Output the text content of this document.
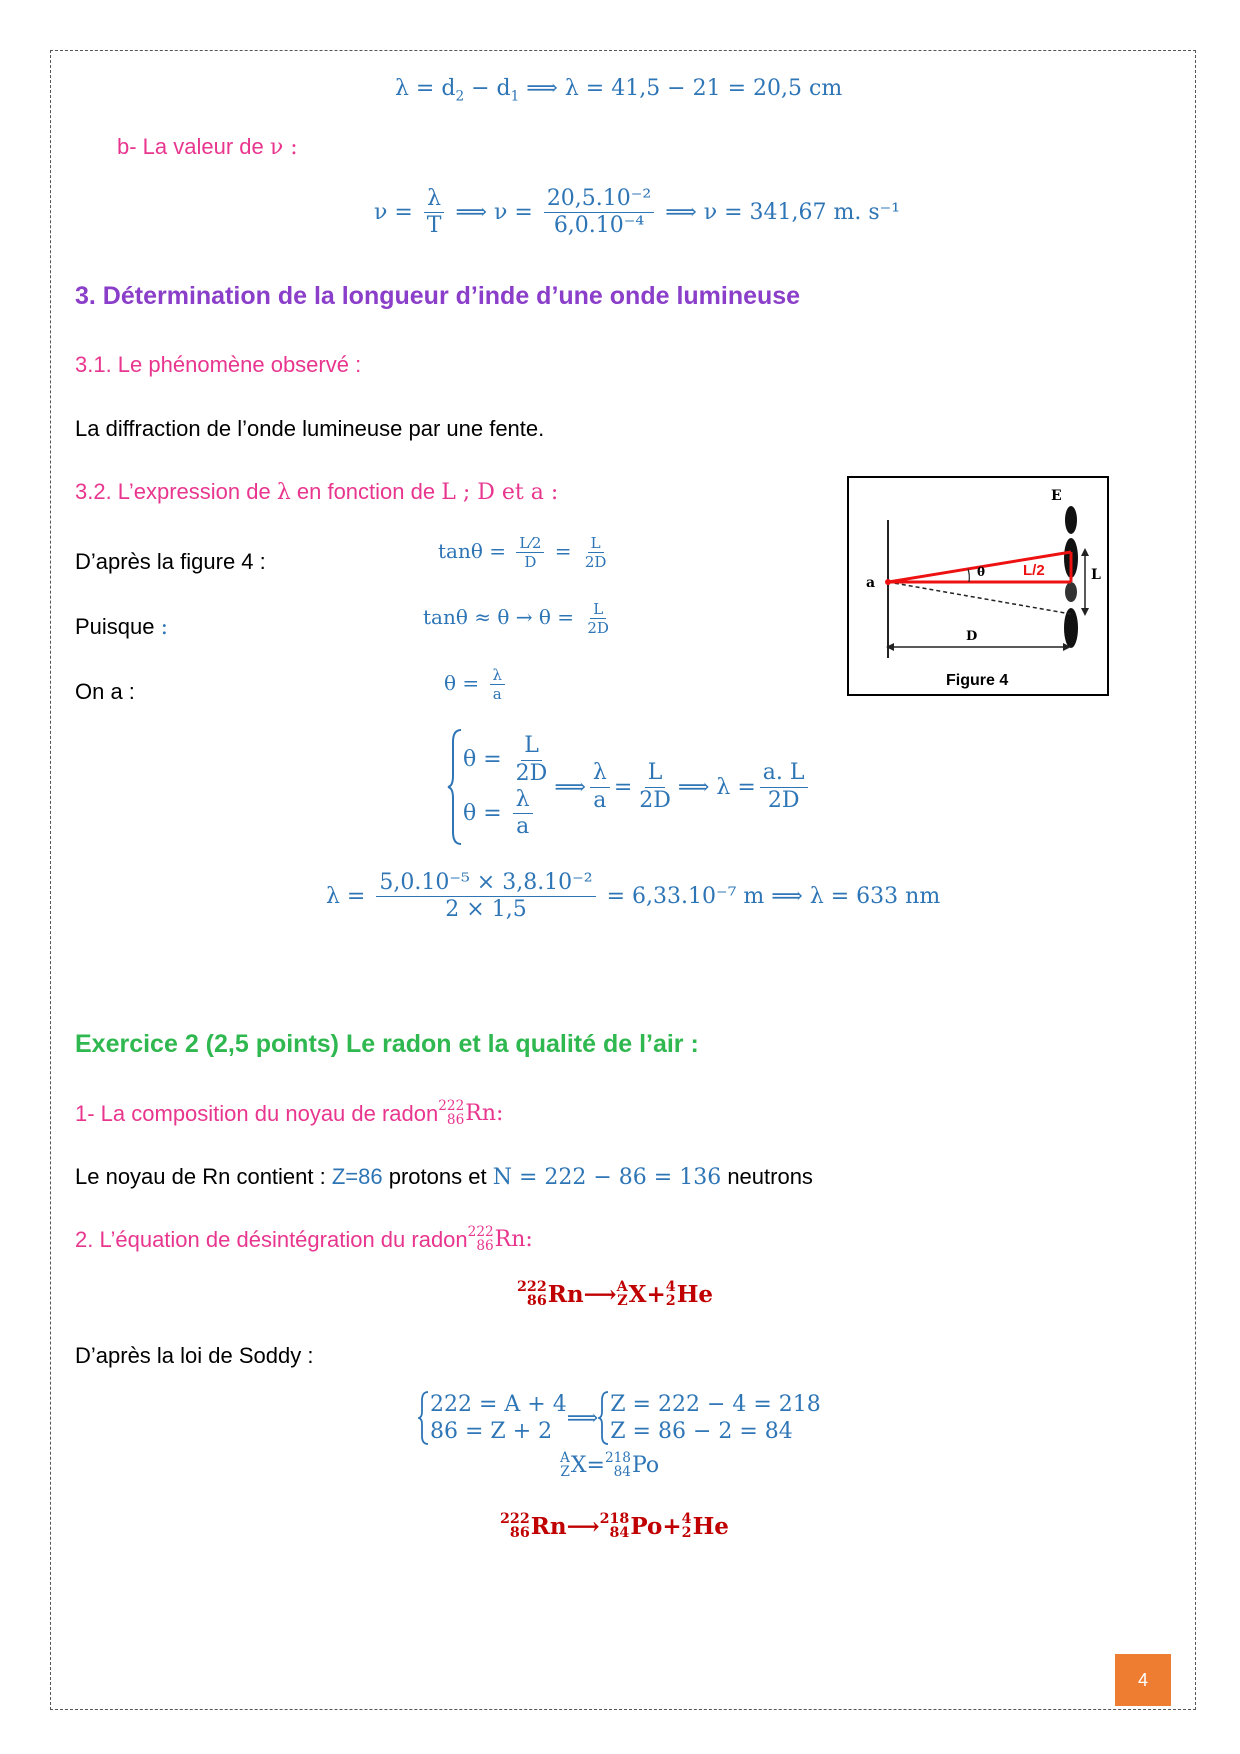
$\lambda = d_2 - d_1$ ⟹ λ = 41,5 − 21 = 20,5 cm
b- La valeur de ν :
$\nu = \frac{\lambda}{T}$ ⟹ $\nu = \frac{\text{20,5.10⁻²}}{\text{6,0.10⁻⁴}}$ ⟹ ν = 341,67 m. s⁻¹
3. Détermination de la longueur d’inde d’une onde lumineuse
3.1. Le phénomène observé :
La diffraction de l’onde lumineuse par une fente.
3.2. L’expression de λ en fonction de L ; D et a :
D’après la figure 4 :	$\tan\theta = \frac{L⁄2}{D} = \frac{L}{2D}$
Puisque :	$\tan\theta \approx \theta \to \theta = \frac{L}{2D}$
On a :	$\theta = \frac{\lambda}{a}$
$\theta = \frac{L}{2D}$
$\theta = \frac{\lambda}{a}$ ⟹ $\frac{\lambda}{a} = \frac{L}{2D}$ ⟹ $\lambda = \frac{a. L}{2D}$
$\lambda = \frac{\text{5,0.10⁻⁵ × 3,8.10⁻²}}{2 \times 1,5} = 6,33.10^{-7}$ m ⟹ λ = 633 nm
E
a
θ	L/2	L
D
Figure 4
Exercice 2 (2,5 points) Le radon et la qualité de l’air :
1- La composition du noyau de radon 222
86 Rn :
Le noyau de Rn contient : Z=86 protons et N = 222 − 86 = 136 neutrons
2. L’équation de désintégration du radon 222
86 Rn :
222
86 Rn ⟶ A
Z X + 4
2 He
D’après la loi de Soddy :
222 = A + 4
86 = Z + 2
⟹
Z = 222 − 4 = 218
Z = 86 − 2 = 84
A
Z X = 218
84 Po
222
86 Rn ⟶ 218
84 Po + 4
2 He
4
